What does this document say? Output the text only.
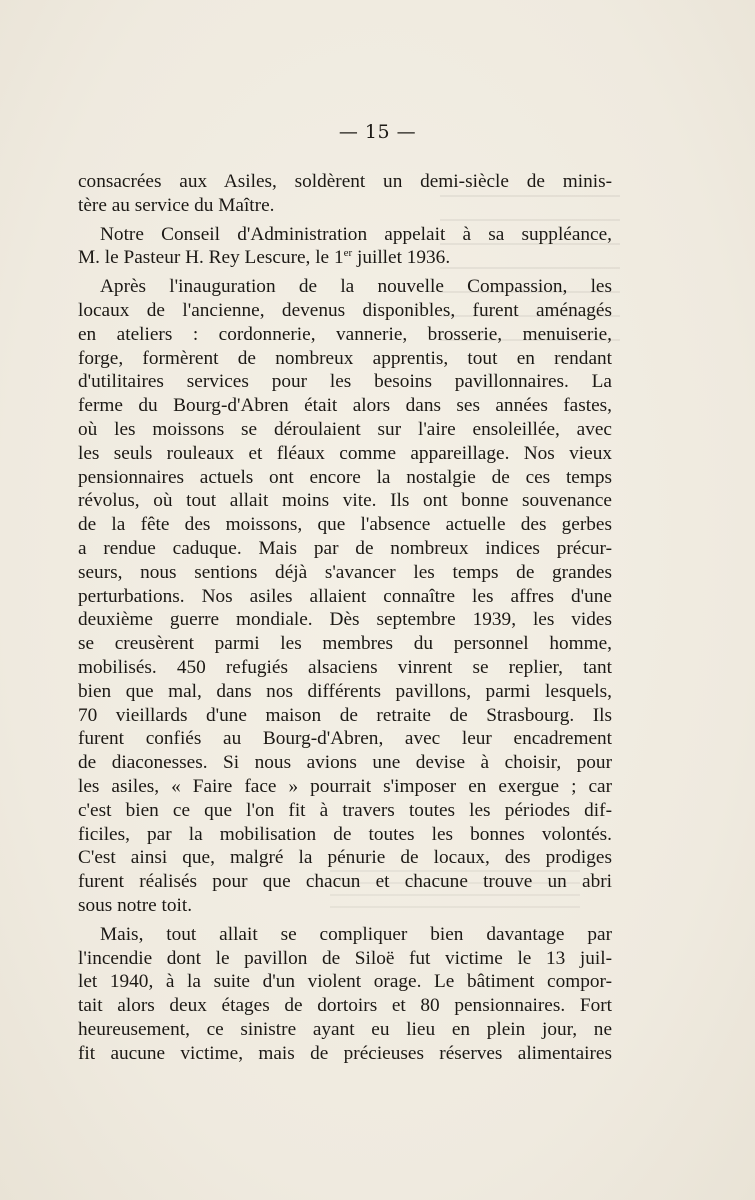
— 15 —
consacrées aux Asiles, soldèrent un demi-siècle de minis-
tère au service du Maître.
Notre Conseil d'Administration appelait à sa suppléance,
M. le Pasteur H. Rey Lescure, le 1er juillet 1936.
Après l'inauguration de la nouvelle Compassion, les
locaux de l'ancienne, devenus disponibles, furent aménagés
en ateliers : cordonnerie, vannerie, brosserie, menuiserie,
forge, formèrent de nombreux apprentis, tout en rendant
d'utilitaires services pour les besoins pavillonnaires. La
ferme du Bourg-d'Abren était alors dans ses années fastes,
où les moissons se déroulaient sur l'aire ensoleillée, avec
les seuls rouleaux et fléaux comme appareillage. Nos vieux
pensionnaires actuels ont encore la nostalgie de ces temps
révolus, où tout allait moins vite. Ils ont bonne souvenance
de la fête des moissons, que l'absence actuelle des gerbes
a rendue caduque. Mais par de nombreux indices précur-
seurs, nous sentions déjà s'avancer les temps de grandes
perturbations. Nos asiles allaient connaître les affres d'une
deuxième guerre mondiale. Dès septembre 1939, les vides
se creusèrent parmi les membres du personnel homme,
mobilisés. 450 refugiés alsaciens vinrent se replier, tant
bien que mal, dans nos différents pavillons, parmi lesquels,
70 vieillards d'une maison de retraite de Strasbourg. Ils
furent confiés au Bourg-d'Abren, avec leur encadrement
de diaconesses. Si nous avions une devise à choisir, pour
les asiles, « Faire face » pourrait s'imposer en exergue ; car
c'est bien ce que l'on fit à travers toutes les périodes dif-
ficiles, par la mobilisation de toutes les bonnes volontés.
C'est ainsi que, malgré la pénurie de locaux, des prodiges
furent réalisés pour que chacun et chacune trouve un abri
sous notre toit.
Mais, tout allait se compliquer bien davantage par
l'incendie dont le pavillon de Siloë fut victime le 13 juil-
let 1940, à la suite d'un violent orage. Le bâtiment compor-
tait alors deux étages de dortoirs et 80 pensionnaires. Fort
heureusement, ce sinistre ayant eu lieu en plein jour, ne
fit aucune victime, mais de précieuses réserves alimentaires
